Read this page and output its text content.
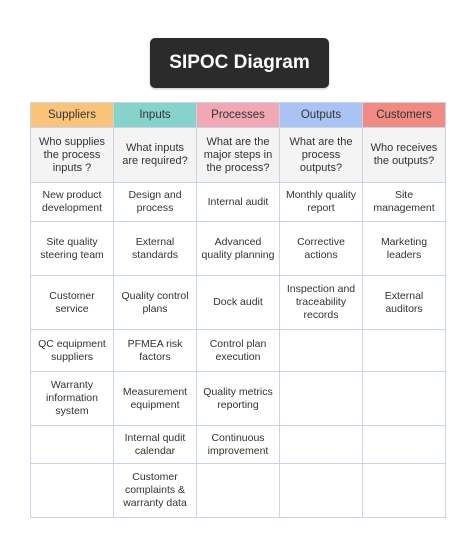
SIPOC Diagram
Suppliers	Inputs	Processes	Outputs	Customers
Who supplies the process inputs ?	What inputs are required?	What are the major steps in the process?	What are the process outputs?	Who receives the outputs?
New product development	Design and process	Internal audit	Monthly quality report	Site management
Site quality steering team	External standards	Advanced quality planning	Corrective actions	Marketing leaders
Customer service	Quality control plans	Dock audit	Inspection and traceability records	External auditors
QC equipment suppliers	PFMEA risk factors	Control plan execution		
Warranty information system	Measurement equipment	Quality metrics reporting		
	Internal qudit calendar	Continuous improvement		
	Customer complaints & warranty data			
